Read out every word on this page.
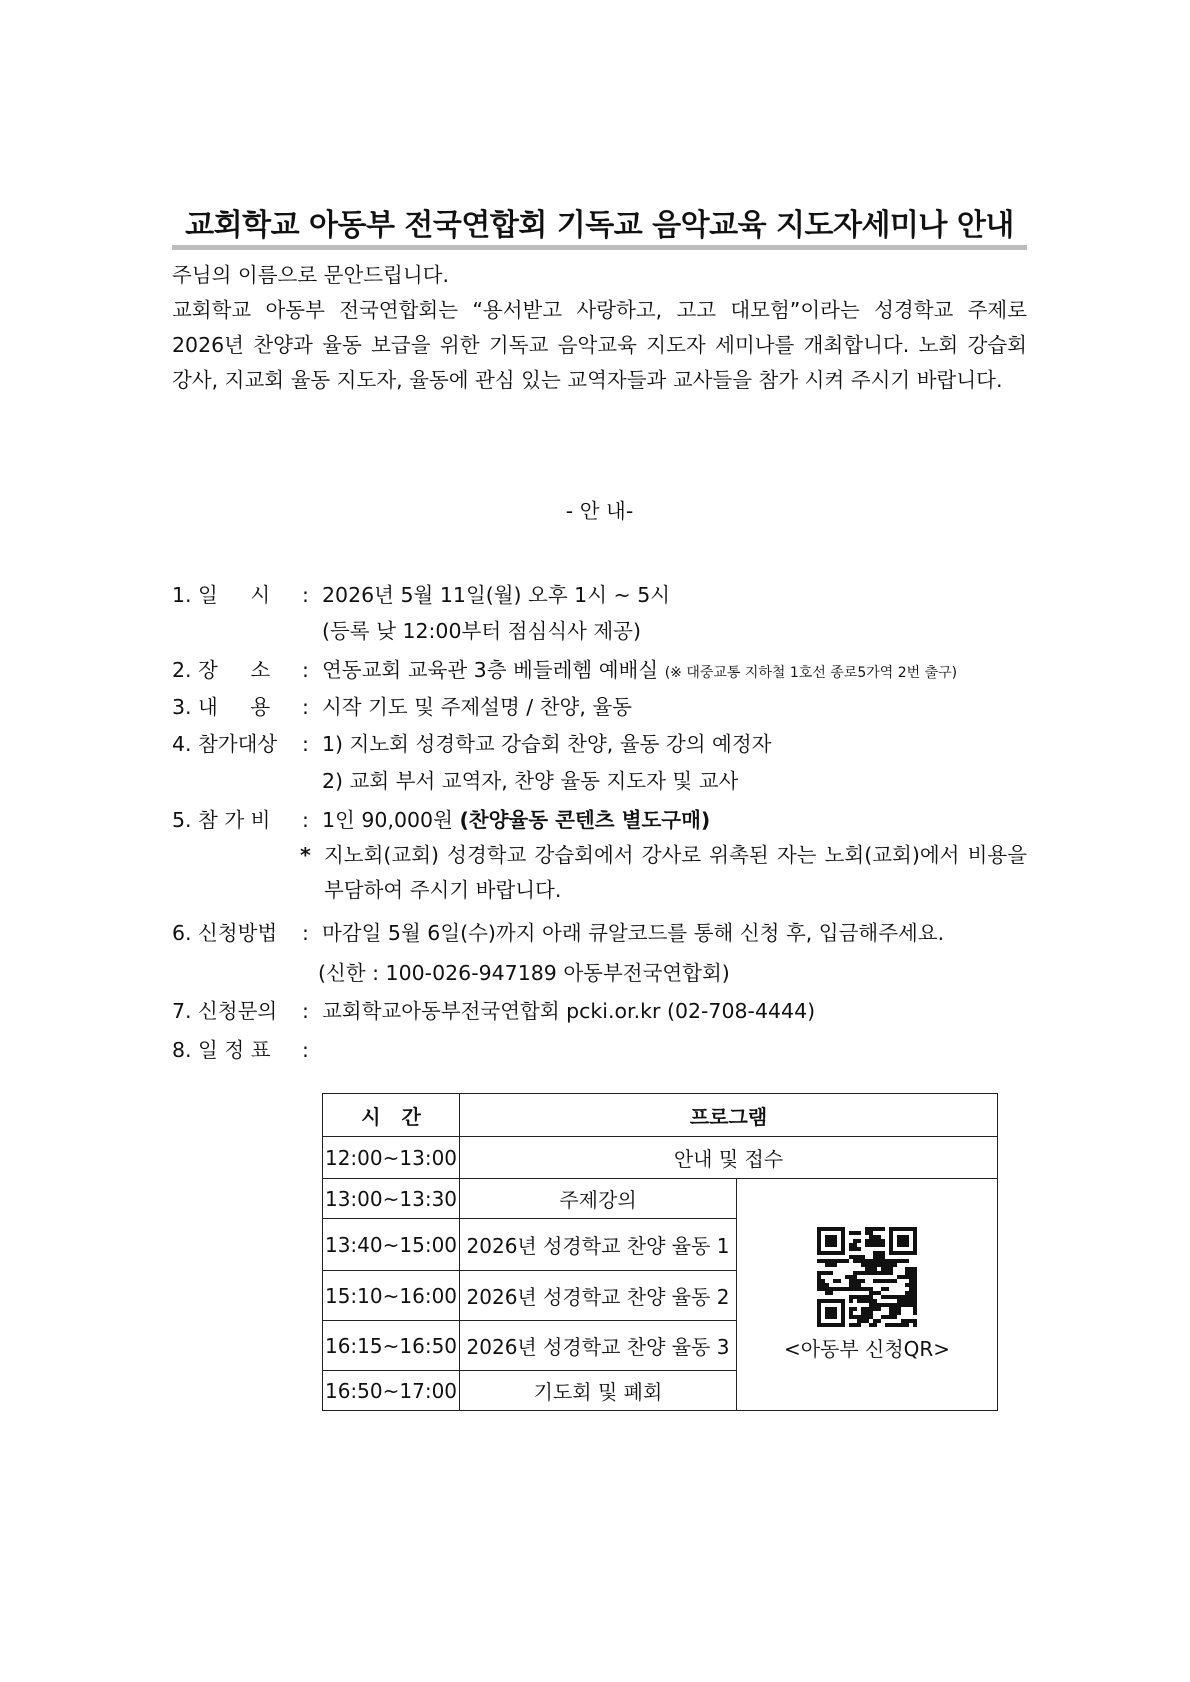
교회학교 아동부 전국연합회 기독교 음악교육 지도자세미나 안내

주님의 이름으로 문안드립니다.

교회학교 아동부 전국연합회는 “용서받고 사랑하고, 고고 대모험”이라는 성경학교 주제로 2026년 찬양과 율동 보급을 위한 기독교 음악교육 지도자 세미나를 개최합니다. 노회 강습회 강사, 지교회 율동 지도자, 율동에 관심 있는 교역자들과 교사들을 참가 시켜 주시기 바랍니다.

- 안 내-
1. 일     시 : 2026년 5월 11일(월) 오후 1시 ~ 5시
(등록 낮 12:00부터 점심식사 제공)
2. 장     소 : 연동교회 교육관 3층 베들레헴 예배실 (※ 대중교통 지하철 1호선 종로5가역 2번 출구)
3. 내     용 : 시작 기도 및 주제설명 / 찬양, 율동
4. 참가대상 : 1) 지노회 성경학교 강습회 찬양, 율동 강의 예정자
2) 교회 부서 교역자, 찬양 율동 지도자 및 교사
5. 참 가 비 : 1인 90,000원 (찬양율동 콘텐츠 별도구매)
* 지노회(교회) 성경학교 강습회에서 강사로 위촉된 자는 노회(교회)에서 비용을 부담하여 주시기 바랍니다.
6. 신청방법 : 마감일 5월 6일(수)까지 아래 큐알코드를 통해 신청 후, 입금해주세요.
(신한 : 100-026-947189 아동부전국연합회)
7. 신청문의 : 교회학교아동부전국연합회 pcki.or.kr (02-708-4444)
8. 일 정 표 :
시   간	프로그램	
12:00~13:00	안내 및 접수	
13:00~13:30	주제강의	<아동부 신청QR>

13:40~15:00	2026년 성경학교 찬양 율동 1	
15:10~16:00	2026년 성경학교 찬양 율동 2	
16:15~16:50	2026년 성경학교 찬양 율동 3	
16:50~17:00	기도회 및 폐회	
